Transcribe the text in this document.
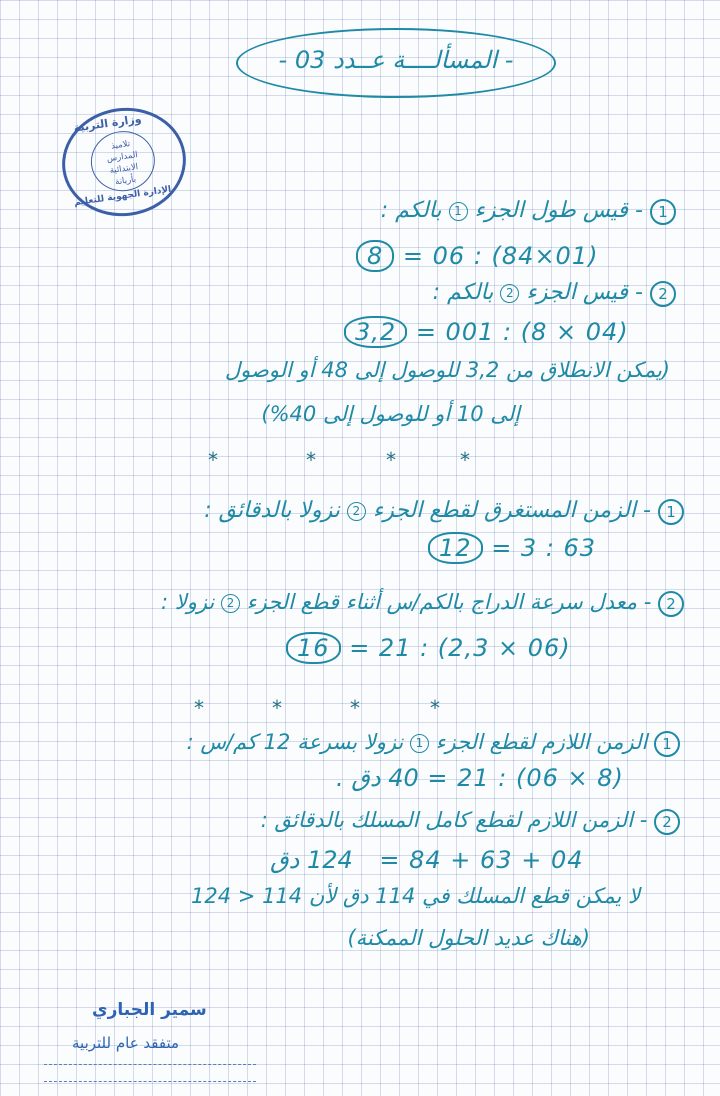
- المسألــــة عــدد 03 -
وزارة التربية
تلاميذ
المدارس الابتدائية
بأريانة
الإدارة الجهوية للتعليم
1 - قيس طول الجزء 1 بالكم :
8 (10×48) : 60 =
2 - قيس الجزء 2 بالكم :
3,2 (40 × 8) : 100 =
(يمكن الانطلاق من 3,2 للوصول إلى 48 أو الوصول
إلى 10 أو للوصول إلى 40%)
*	*	*	*
1 - الزمن المستغرق لقطع الجزء 2 نزولا بالدقائق :
12 36 : 3 =
2 - معدل سرعة الدراج بالكم/س أثناء قطع الجزء 2 نزولا :
16 (60 × 3,2) : 12 =
*	*	*	*
1 الزمن اللازم لقطع الجزء 1 نزولا بسرعة 12 كم/س :
40 دق . (8 × 60) : 12 =
2 - الزمن اللازم لقطع كامل المسلك بالدقائق :
124 دق 40 + 36 + 48 =
لا يمكن قطع المسلك في 114 دق لأن 114 < 124
(هناك عديد الحلول الممكنة)
سمير الجباري
متفقد عام للتربية
